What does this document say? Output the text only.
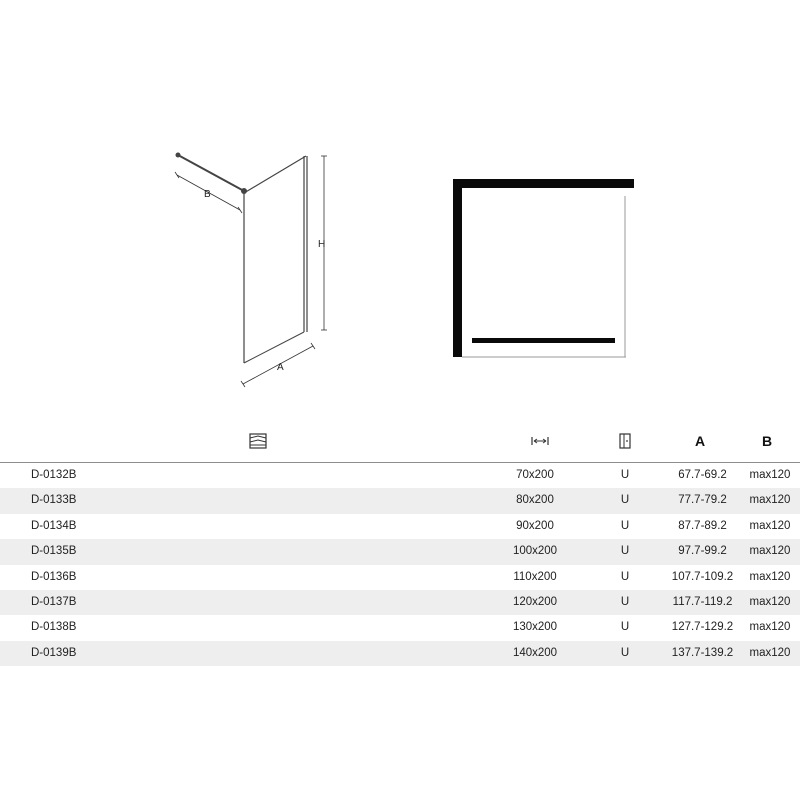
B
H
A
A	B
D-0132B	70x200	U	67.7-69.2	max120
D-0133B	80x200	U	77.7-79.2	max120
D-0134B	90x200	U	87.7-89.2	max120
D-0135B	100x200	U	97.7-99.2	max120
D-0136B	110x200	U	107.7-109.2	max120
D-0137B	120x200	U	117.7-119.2	max120
D-0138B	130x200	U	127.7-129.2	max120
D-0139B	140x200	U	137.7-139.2	max120
